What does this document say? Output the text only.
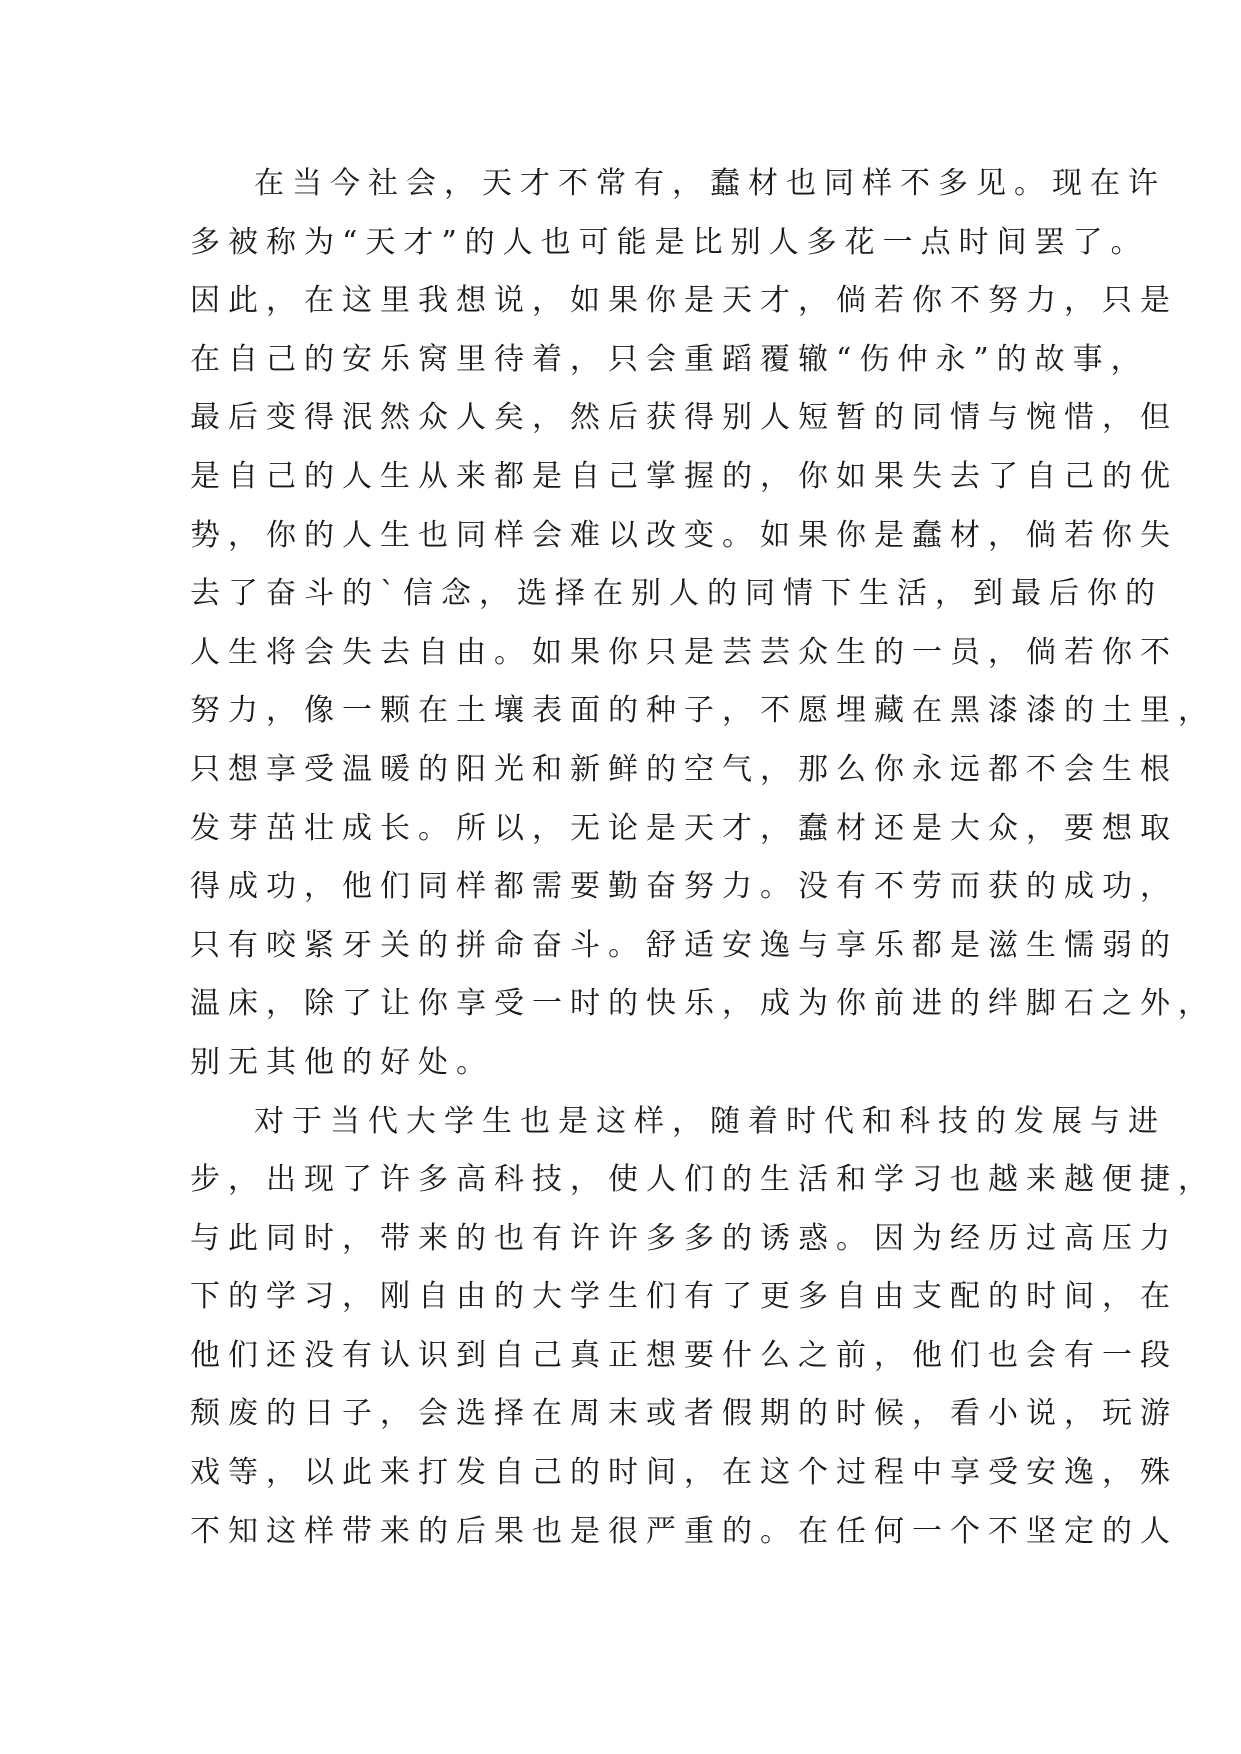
在当今社会，天才不常有，蠢材也同样不多见。现在许
多被称为“天才”的人也可能是比别人多花一点时间罢了。
因此，在这里我想说，如果你是天才，倘若你不努力，只是
在自己的安乐窝里待着，只会重蹈覆辙“伤仲永”的故事，
最后变得泯然众人矣，然后获得别人短暂的同情与惋惜，但
是自己的人生从来都是自己掌握的，你如果失去了自己的优
势，你的人生也同样会难以改变。如果你是蠢材，倘若你失
去了奋斗的`信念，选择在别人的同情下生活，到最后你的
人生将会失去自由。如果你只是芸芸众生的一员，倘若你不
努力，像一颗在土壤表面的种子，不愿埋藏在黑漆漆的土里，
只想享受温暖的阳光和新鲜的空气，那么你永远都不会生根
发芽茁壮成长。所以，无论是天才，蠢材还是大众，要想取
得成功，他们同样都需要勤奋努力。没有不劳而获的成功，
只有咬紧牙关的拼命奋斗。舒适安逸与享乐都是滋生懦弱的
温床，除了让你享受一时的快乐，成为你前进的绊脚石之外，
别无其他的好处。
对于当代大学生也是这样，随着时代和科技的发展与进
步，出现了许多高科技，使人们的生活和学习也越来越便捷，
与此同时，带来的也有许许多多的诱惑。因为经历过高压力
下的学习，刚自由的大学生们有了更多自由支配的时间，在
他们还没有认识到自己真正想要什么之前，他们也会有一段
颓废的日子，会选择在周末或者假期的时候，看小说，玩游
戏等，以此来打发自己的时间，在这个过程中享受安逸，殊
不知这样带来的后果也是很严重的。在任何一个不坚定的人
